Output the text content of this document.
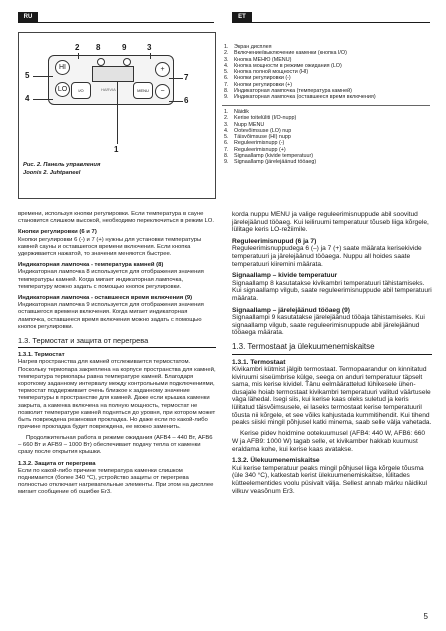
RU	ET
HI
LO	I/O	MENU
+
−
HARVIA
2 8	9	3
5
4
7
6
1
Рис. 2. Панель управления
Joonis 2. Juhtpaneel
1.	Экран дисплея
2.	Включение/выключение каменки (кнопка I/O)
3.	Кнопка МЕНЮ (MENU)
4.	Кнопка мощности в режиме ожидания (LO)
5.	Кнопка полной мощности (HI)
6.	Кнопки регулировки (-)
7.	Кнопки регулировки (+)
8.	Индикаторная лампочка (температура камней)
9.	Индикаторная лампочка (оставшееся время включения)
1.	Näidik
2.	Kerise toitelüliti (I/O-nupp)
3.	Nupp MENU
4.	Ootevõimsuse (LO) nup
5.	Täisvõimsuse (HI) nupp
6.	Reguleerimisnupp (-)
7.	Reguleerimisnupp (+)
8.	Signaallamp (kivide temperatuur)
9.	Signaallamp (järelejäänud tööaeg)

времени, используя кнопки регулировки. Если температура в сауне становится слишком высокой, необходимо переключиться в режим LO.

Кнопки регулировки (6 и 7)

Кнопки регулировки 6 (-) и 7 (+) нужны для установки температуры камней сауны и оставшегося времени включения. Если кнопка удерживается нажатой, то значения меняются быстрее.

Индикаторная лампочка - температура камней (8)

Индикаторная лампочка 8 используется для отображения значения температуры камней. Когда мигает индикаторная лампочка, температуру можно задать с помощью кнопок регулировки.

Индикаторная лампочка - оставшееся время включения (9)

Индикаторная лампочка 9 используется для отображения значения оставшегося времени включения. Когда мигает индикаторная лампочка, оставшееся время включения можно задать с помощью кнопок регулировки.

1.3. Термостат и защита от перегрева
1.3.1. Термостат

Нагрев пространства для камней отслеживается термостатом. Поскольку термопара закреплена на корпусе пространства для камней, температура термопары равна температуре камней. Благодаря короткому заданному интервалу между контрольными подключениями, термостат поддерживает очень близкое к заданному значение температуры в пространстве для камней. Даже если крышка каменки закрыта, а каменка включена на полную мощность, термостат не позволит температуре камней подняться до уровня, при котором может быть повреждена резиновая прокладка. Но даже если по какой-либо причине прокладка будет повреждена, ее можно заменить.

Продолжительная работа в режиме ожидания (AFB4 – 440 Вт, AFB6 – 660 Вт и AFB9 – 1000 Вт) обеспечивает подачу тепла от каменки сразу после открытия крышки.

1.3.2. Защита от перегрева

Если по какой-либо причине температура каменки слишком поднимается (более 340 °C), устройство защиты от перегрева полностью отключает нагревательные элементы. При этом на дисплее мигает сообщение об ошибке Er3.

korda nuppu MENU ja valige reguleerimisnuppude abil soovitud järelejäänud tööaeg. Kui leiliruumi temperatuur tõuseb liiga kõrgele, lülitage keris LO-režiimile.

Reguleerimisnupud (6 ja 7)

Reguleerimisnuppudega 6 (–) ja 7 (+) saate määrata kerisekivide temperatuuri ja järelejäänud tööaega. Nuppu all hoides saate temperatuuri kiiremini määrata.

Signaallamp – kivide temperatuur

Signaallamp 8 kasutatakse kivikambri temperatuuri tähistamiseks. Kui signaallamp vilgub, saate reguleerimisnuppude abil temperatuuri määrata.

Signaallamp – järelejäänud tööaeg (9)

Signaallampi 9 kasutatakse järelejäänud tööaja tähistamiseks. Kui signaallamp vilgub, saate reguleerimisnuppude abil järelejäänud tööaega määrata.

1.3. Termostaat ja ülekuumenemiskaitse
1.3.1. Termostaat

Kivikambri kütmist jälgib termostaat. Termopaarandur on kinnitatud kiviruumi siseümbrise külge, seega on anduri temperatuur täpselt sama, mis kerise kividel. Tänu eelmäärattelud lühikesele ühendusajale hoiab termostaat kivikambri temperatuuri valitud väärtusele väga lähedal. Isegi siis, kui kerise kaas oleks suletud ja keris lülitatud täisvõimsusele, ei laseks termostaat kerise temperatuuril tõusta nii kõrgele, et see võiks kahjustada kummitihendit. Kui tihend peaks siiski mingil põhjusel katki minema, saab selle välja vahetada.

Kerise pidev hoidmine ootekuumusel (AFB4: 440 W, AFB6: 660 W ja AFB9: 1000 W) tagab selle, et kivikamber hakkab kuumust eraldama kohe, kui kerise kaas avatakse.

1.3.2. Ülekuumenemiskaitse

Kui kerise temperatuur peaks mingil põhjusel liiga kõrgele tõusma (üle 340 °C), katkestab kerist ülekuumenemiskaitse, lülitades kütteelementides voolu püsivalt välja. Sellest annab märku näidikul vilkuv veasõnum Er3.

5
